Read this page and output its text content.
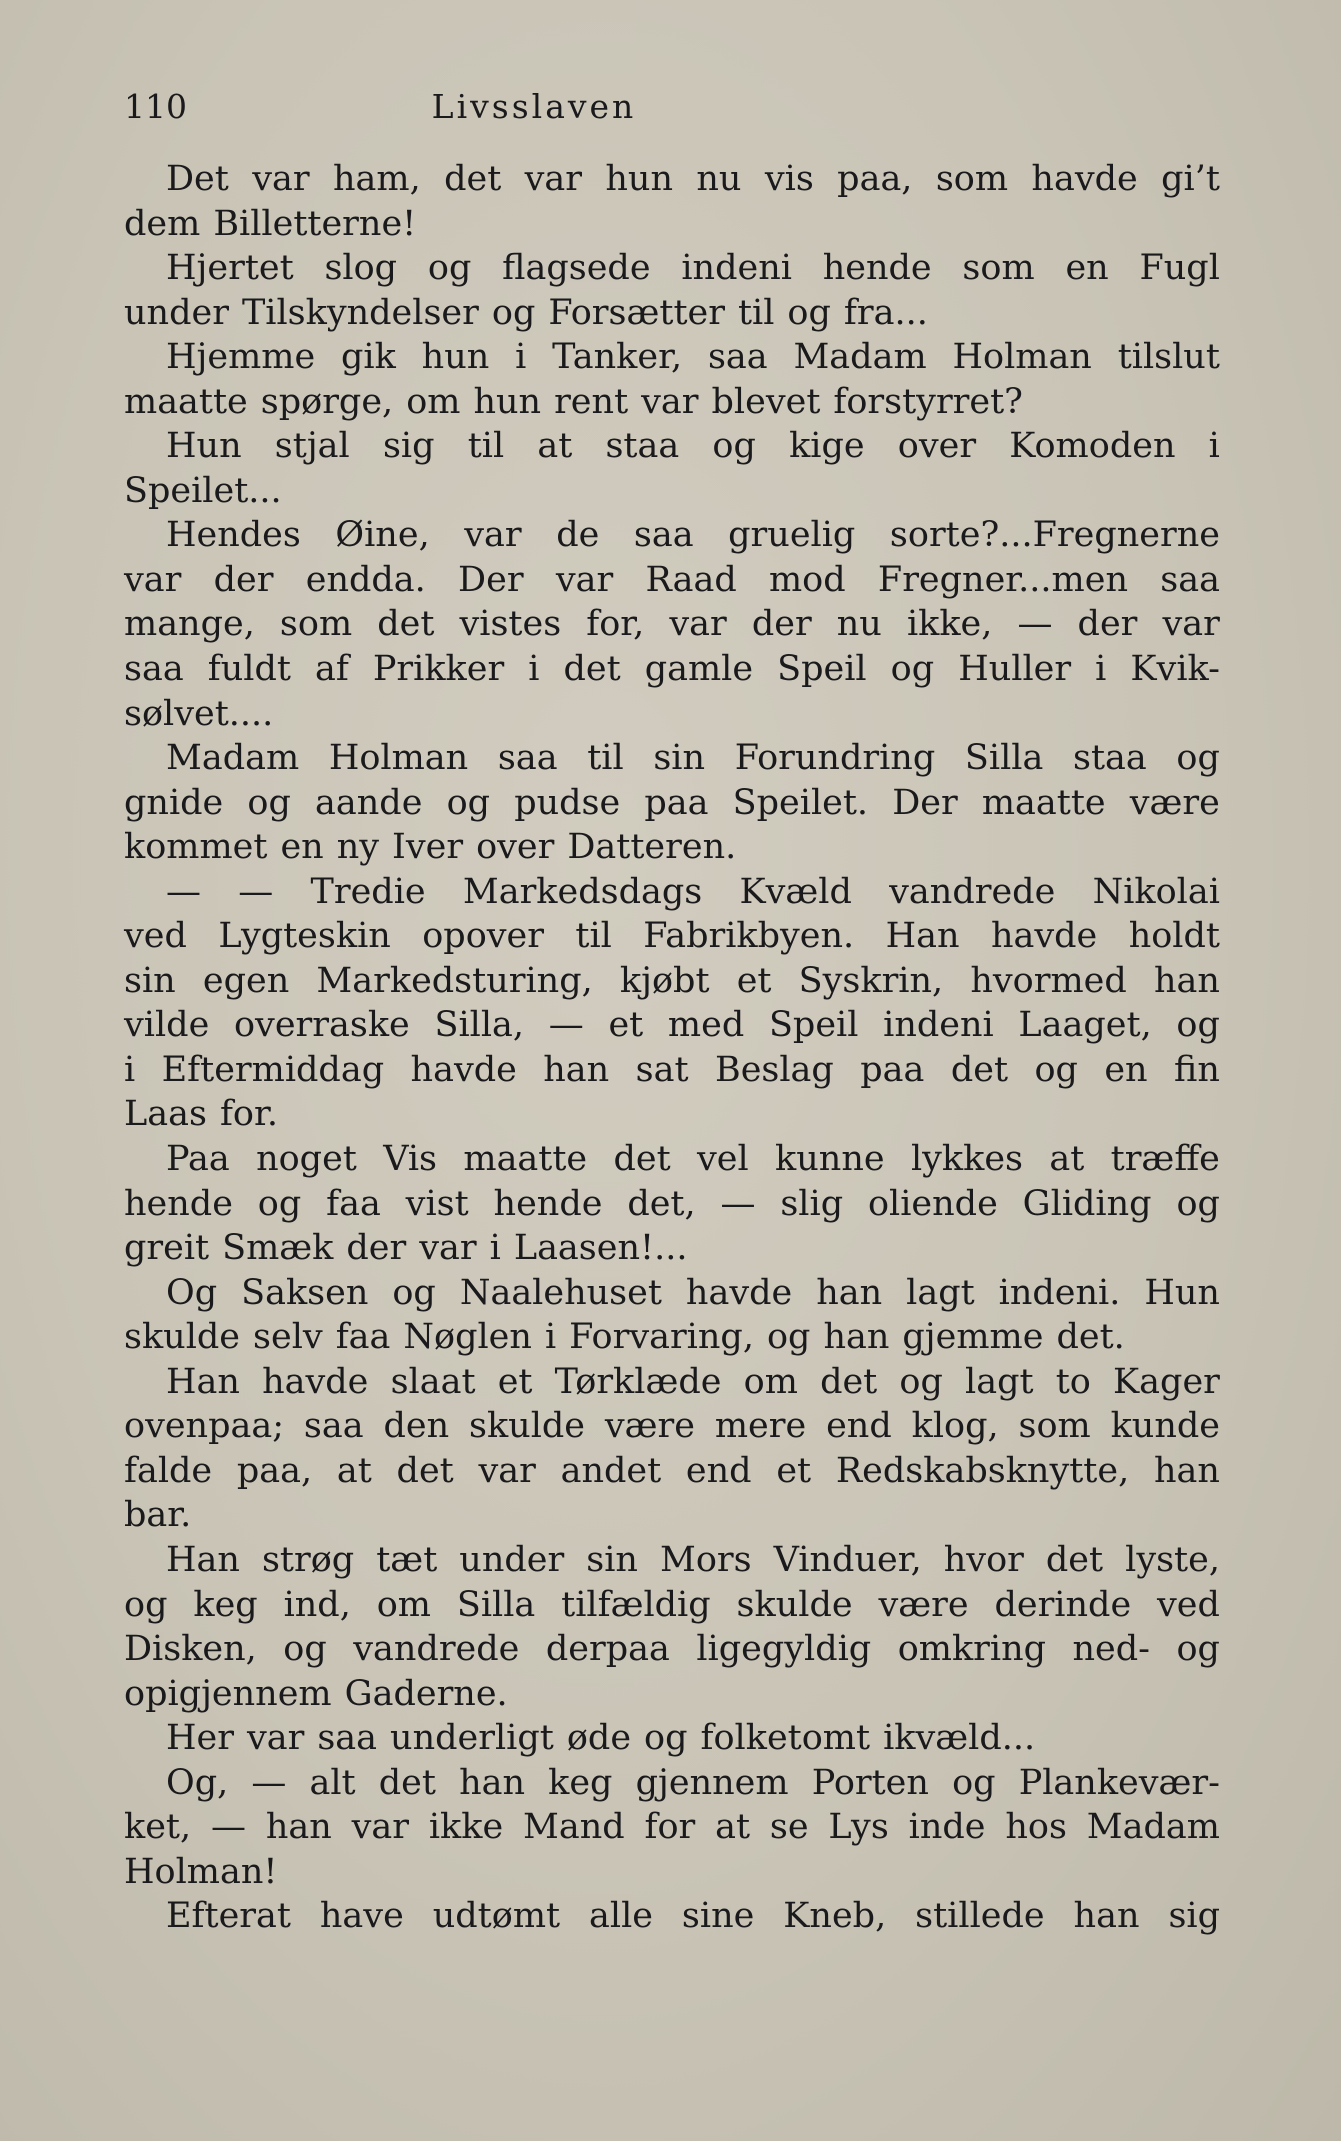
110	Livsslaven
Det var ham, det var hun nu vis paa, som havde gi’t
dem Billetterne!
Hjertet slog og flagsede indeni hende som en Fugl
under Tilskyndelser og Forsætter til og fra...
Hjemme gik hun i Tanker, saa Madam Holman tilslut
maatte spørge, om hun rent var blevet forstyrret?
Hun stjal sig til at staa og kige over Komoden i
Speilet...
Hendes Øine, var de saa gruelig sorte?...Fregnerne
var der endda. Der var Raad mod Fregner...men saa
mange, som det vistes for, var der nu ikke, — der var
saa fuldt af Prikker i det gamle Speil og Huller i Kvik-
sølvet....
Madam Holman saa til sin Forundring Silla staa og
gnide og aande og pudse paa Speilet. Der maatte være
kommet en ny Iver over Datteren.
— — Tredie Markedsdags Kvæld vandrede Nikolai
ved Lygteskin opover til Fabrikbyen. Han havde holdt
sin egen Markedsturing, kjøbt et Syskrin, hvormed han
vilde overraske Silla, — et med Speil indeni Laaget, og
i Eftermiddag havde han sat Beslag paa det og en fin
Laas for.
Paa noget Vis maatte det vel kunne lykkes at træffe
hende og faa vist hende det, — slig oliende Gliding og
greit Smæk der var i Laasen!...
Og Saksen og Naalehuset havde han lagt indeni. Hun
skulde selv faa Nøglen i Forvaring, og han gjemme det.
Han havde slaat et Tørklæde om det og lagt to Kager
ovenpaa; saa den skulde være mere end klog, som kunde
falde paa, at det var andet end et Redskabsknytte, han
bar.
Han strøg tæt under sin Mors Vinduer, hvor det lyste,
og keg ind, om Silla tilfældig skulde være derinde ved
Disken, og vandrede derpaa ligegyldig omkring ned- og
opigjennem Gaderne.
Her var saa underligt øde og folketomt ikvæld...
Og, — alt det han keg gjennem Porten og Plankevær-
ket, — han var ikke Mand for at se Lys inde hos Madam
Holman!
Efterat have udtømt alle sine Kneb, stillede han sig
